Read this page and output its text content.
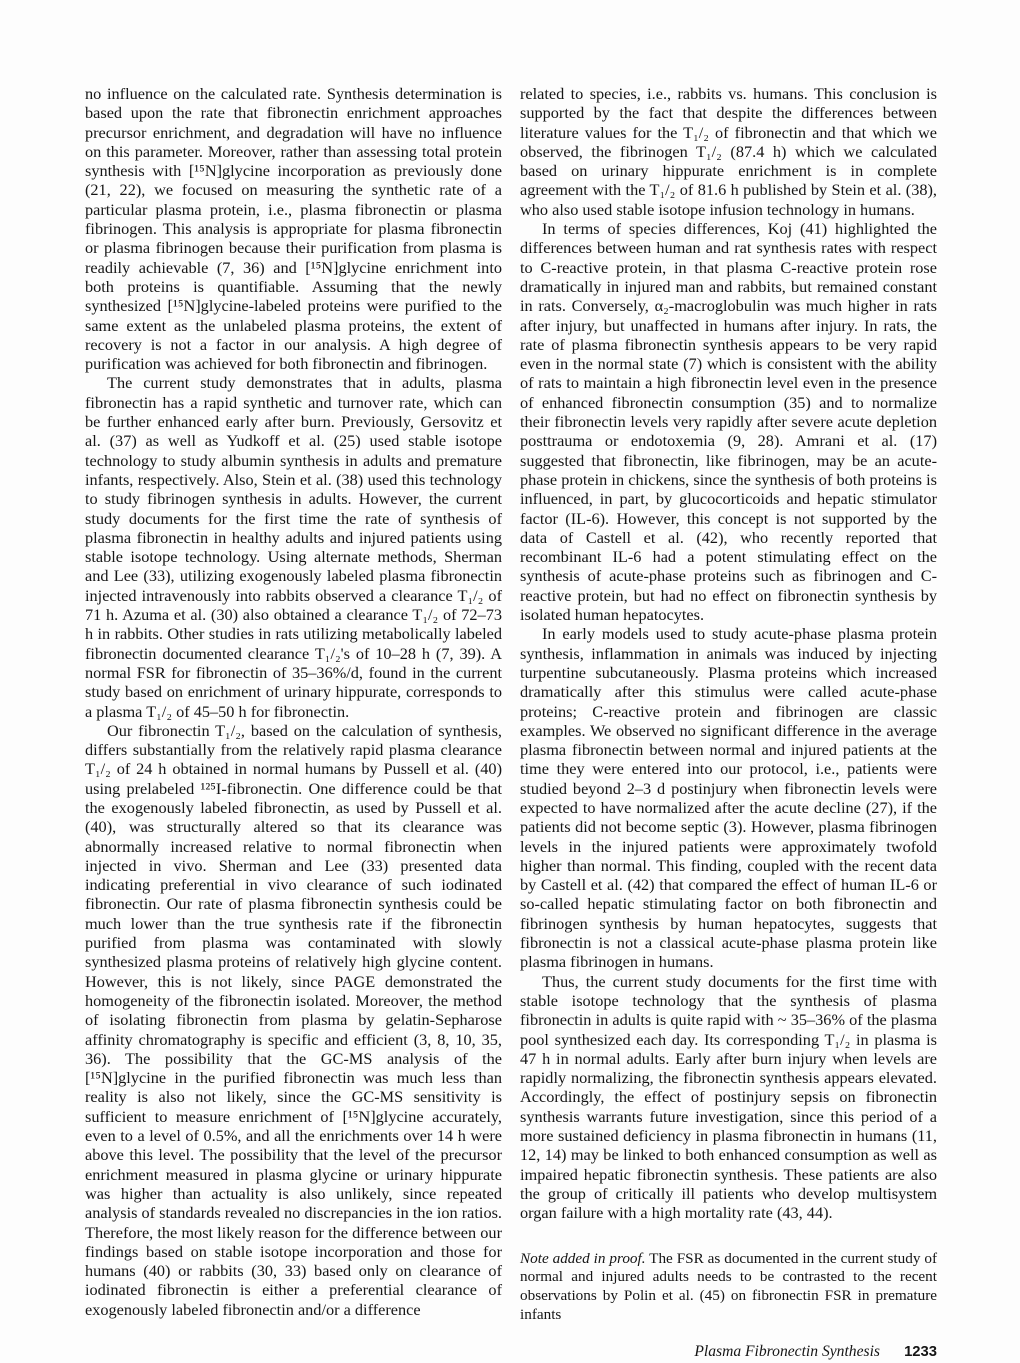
no influence on the calculated rate. Synthesis determination is based upon the rate that fibronectin enrichment approaches precursor enrichment, and degradation will have no influence on this parameter. Moreover, rather than assessing total protein synthesis with [¹⁵N]glycine incorporation as previously done (21, 22), we focused on measuring the synthetic rate of a particular plasma protein, i.e., plasma fibronectin or plasma fibrinogen. This analysis is appropriate for plasma fibronectin or plasma fibrinogen because their purification from plasma is readily achievable (7, 36) and [¹⁵N]glycine enrichment into both proteins is quantifiable. Assuming that the newly synthesized [¹⁵N]glycine-labeled proteins were purified to the same extent as the unlabeled plasma proteins, the extent of recovery is not a factor in our analysis. A high degree of purification was achieved for both fibronectin and fibrinogen.

The current study demonstrates that in adults, plasma fibronectin has a rapid synthetic and turnover rate, which can be further enhanced early after burn. Previously, Gersovitz et al. (37) as well as Yudkoff et al. (25) used stable isotope technology to study albumin synthesis in adults and premature infants, respectively. Also, Stein et al. (38) used this technology to study fibrinogen synthesis in adults. However, the current study documents for the first time the rate of synthesis of plasma fibronectin in healthy adults and injured patients using stable isotope technology. Using alternate methods, Sherman and Lee (33), utilizing exogenously labeled plasma fibronectin injected intravenously into rabbits observed a clearance T₁/₂ of 71 h. Azuma et al. (30) also obtained a clearance T₁/₂ of 72–73 h in rabbits. Other studies in rats utilizing metabolically labeled fibronectin documented clearance T₁/₂'s of 10–28 h (7, 39). A normal FSR for fibronectin of 35–36%/d, found in the current study based on enrichment of urinary hippurate, corresponds to a plasma T₁/₂ of 45–50 h for fibronectin.

Our fibronectin T₁/₂, based on the calculation of synthesis, differs substantially from the relatively rapid plasma clearance T₁/₂ of 24 h obtained in normal humans by Pussell et al. (40) using prelabeled ¹²⁵I-fibronectin. One difference could be that the exogenously labeled fibronectin, as used by Pussell et al. (40), was structurally altered so that its clearance was abnormally increased relative to normal fibronectin when injected in vivo. Sherman and Lee (33) presented data indicating preferential in vivo clearance of such iodinated fibronectin. Our rate of plasma fibronectin synthesis could be much lower than the true synthesis rate if the fibronectin purified from plasma was contaminated with slowly synthesized plasma proteins of relatively high glycine content. However, this is not likely, since PAGE demonstrated the homogeneity of the fibronectin isolated. Moreover, the method of isolating fibronectin from plasma by gelatin-Sepharose affinity chromatography is specific and efficient (3, 8, 10, 35, 36). The possibility that the GC-MS analysis of the [¹⁵N]glycine in the purified fibronectin was much less than reality is also not likely, since the GC-MS sensitivity is sufficient to measure enrichment of [¹⁵N]glycine accurately, even to a level of 0.5%, and all the enrichments over 14 h were above this level. The possibility that the level of the precursor enrichment measured in plasma glycine or urinary hippurate was higher than actuality is also unlikely, since repeated analysis of standards revealed no discrepancies in the ion ratios. Therefore, the most likely reason for the difference between our findings based on stable isotope incorporation and those for humans (40) or rabbits (30, 33) based only on clearance of iodinated fibronectin is either a preferential clearance of exogenously labeled fibronectin and/or a difference

related to species, i.e., rabbits vs. humans. This conclusion is supported by the fact that despite the differences between literature values for the T₁/₂ of fibronectin and that which we observed, the fibrinogen T₁/₂ (87.4 h) which we calculated based on urinary hippurate enrichment is in complete agreement with the T₁/₂ of 81.6 h published by Stein et al. (38), who also used stable isotope infusion technology in humans.

In terms of species differences, Koj (41) highlighted the differences between human and rat synthesis rates with respect to C-reactive protein, in that plasma C-reactive protein rose dramatically in injured man and rabbits, but remained constant in rats. Conversely, α₂-macroglobulin was much higher in rats after injury, but unaffected in humans after injury. In rats, the rate of plasma fibronectin synthesis appears to be very rapid even in the normal state (7) which is consistent with the ability of rats to maintain a high fibronectin level even in the presence of enhanced fibronectin consumption (35) and to normalize their fibronectin levels very rapidly after severe acute depletion posttrauma or endotoxemia (9, 28). Amrani et al. (17) suggested that fibronectin, like fibrinogen, may be an acute-phase protein in chickens, since the synthesis of both proteins is influenced, in part, by glucocorticoids and hepatic stimulator factor (IL-6). However, this concept is not supported by the data of Castell et al. (42), who recently reported that recombinant IL-6 had a potent stimulating effect on the synthesis of acute-phase proteins such as fibrinogen and C-reactive protein, but had no effect on fibronectin synthesis by isolated human hepatocytes.

In early models used to study acute-phase plasma protein synthesis, inflammation in animals was induced by injecting turpentine subcutaneously. Plasma proteins which increased dramatically after this stimulus were called acute-phase proteins; C-reactive protein and fibrinogen are classic examples. We observed no significant difference in the average plasma fibronectin between normal and injured patients at the time they were entered into our protocol, i.e., patients were studied beyond 2–3 d postinjury when fibronectin levels were expected to have normalized after the acute decline (27), if the patients did not become septic (3). However, plasma fibrinogen levels in the injured patients were approximately twofold higher than normal. This finding, coupled with the recent data by Castell et al. (42) that compared the effect of human IL-6 or so-called hepatic stimulating factor on both fibronectin and fibrinogen synthesis by human hepatocytes, suggests that fibronectin is not a classical acute-phase plasma protein like plasma fibrinogen in humans.

Thus, the current study documents for the first time with stable isotope technology that the synthesis of plasma fibronectin in adults is quite rapid with ~ 35–36% of the plasma pool synthesized each day. Its corresponding T₁/₂ in plasma is 47 h in normal adults. Early after burn injury when levels are rapidly normalizing, the fibronectin synthesis appears elevated. Accordingly, the effect of postinjury sepsis on fibronectin synthesis warrants future investigation, since this period of a more sustained deficiency in plasma fibronectin in humans (11, 12, 14) may be linked to both enhanced consumption as well as impaired hepatic fibronectin synthesis. These patients are also the group of critically ill patients who develop multisystem organ failure with a high mortality rate (43, 44).

Note added in proof. The FSR as documented in the current study of normal and injured adults needs to be contrasted to the recent observations by Polin et al. (45) on fibronectin FSR in premature infants
Plasma Fibronectin Synthesis 1233
